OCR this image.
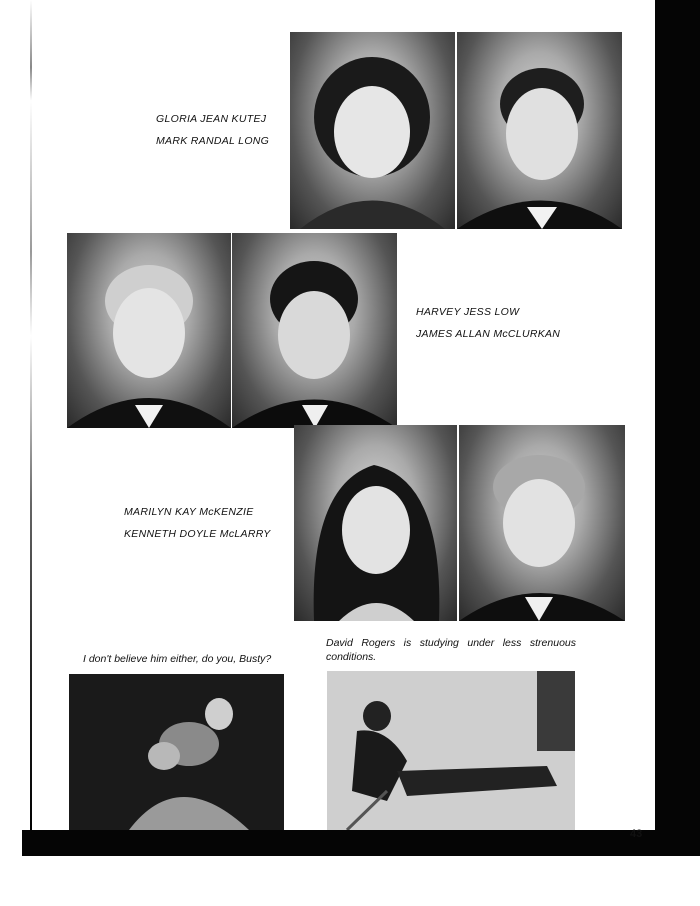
GLORIA JEAN KUTEJ
MARK RANDAL LONG
HARVEY JESS LOW
JAMES ALLAN McCLURKAN
MARILYN KAY McKENZIE
KENNETH DOYLE McLARRY
I don't believe him either, do you, Busty?
David Rogers is studying under less strenuous
conditions.
43
